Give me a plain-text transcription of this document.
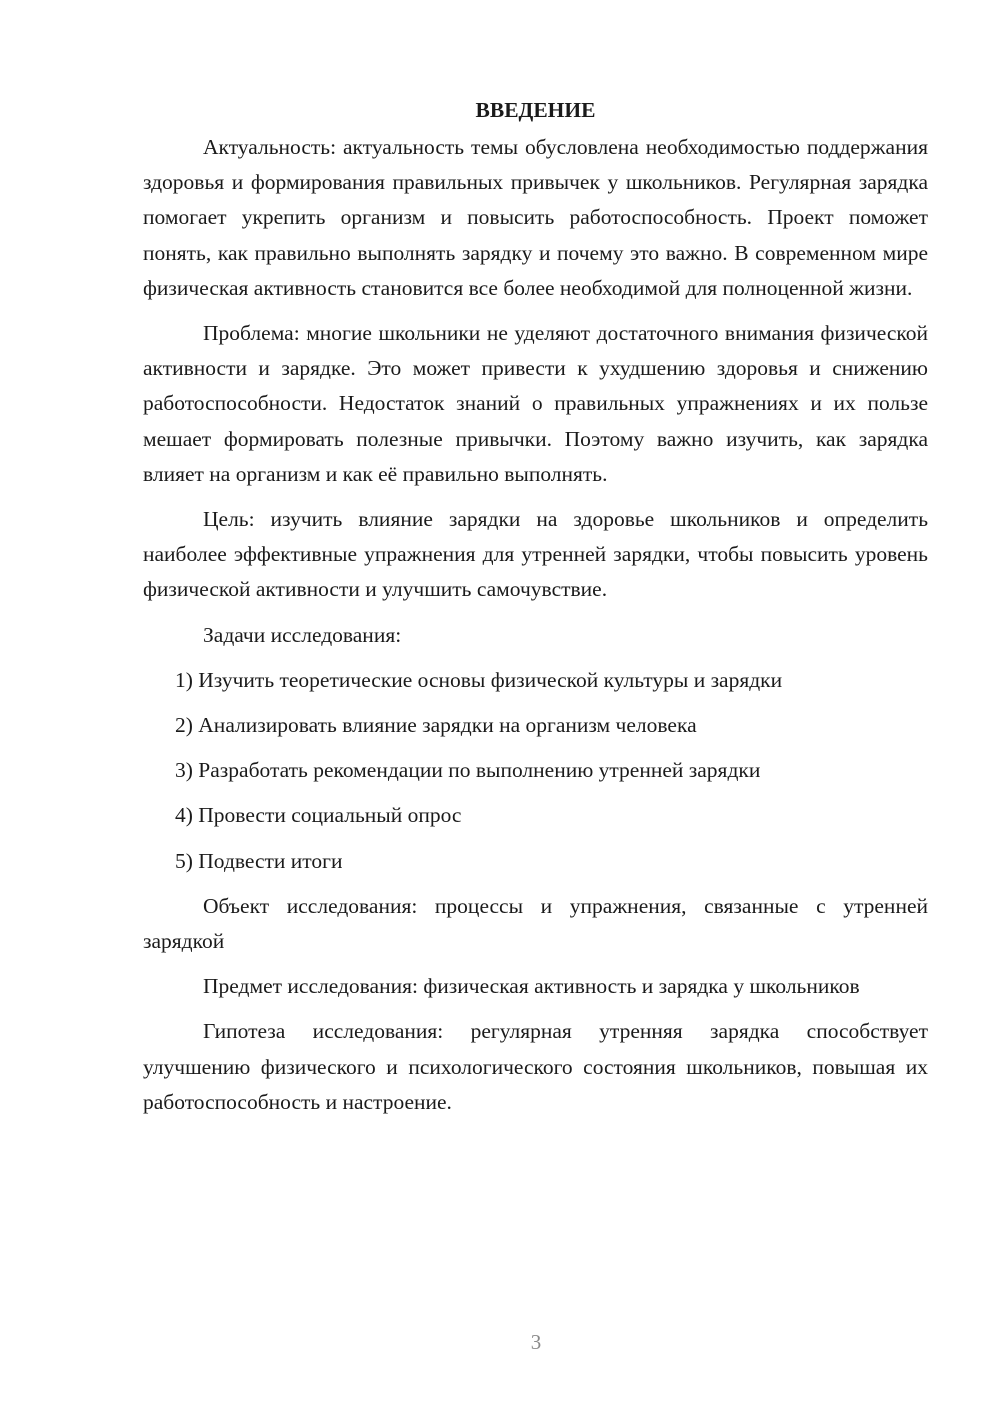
ВВЕДЕНИЕ

Актуальность: актуальность темы обусловлена необходимостью поддержания здоровья и формирования правильных привычек у школьников. Регулярная зарядка помогает укрепить организм и повысить работоспособность. Проект поможет понять, как правильно выполнять зарядку и почему это важно. В современном мире физическая активность становится все более необходимой для полноценной жизни.

Проблема: многие школьники не уделяют достаточного внимания физической активности и зарядке. Это может привести к ухудшению здоровья и снижению работоспособности. Недостаток знаний о правильных упражнениях и их пользе мешает формировать полезные привычки. Поэтому важно изучить, как зарядка влияет на организм и как её правильно выполнять.

Цель: изучить влияние зарядки на здоровье школьников и определить наиболее эффективные упражнения для утренней зарядки, чтобы повысить уровень физической активности и улучшить самочувствие.

Задачи исследования:

1) Изучить теоретические основы физической культуры и зарядки

2) Анализировать влияние зарядки на организм человека

3) Разработать рекомендации по выполнению утренней зарядки

4) Провести социальный опрос

5) Подвести итоги

Объект исследования: процессы и упражнения, связанные с утренней зарядкой

Предмет исследования: физическая активность и зарядка у школьников

Гипотеза исследования: регулярная утренняя зарядка способствует улучшению физического и психологического состояния школьников, повышая их работоспособность и настроение.

3
